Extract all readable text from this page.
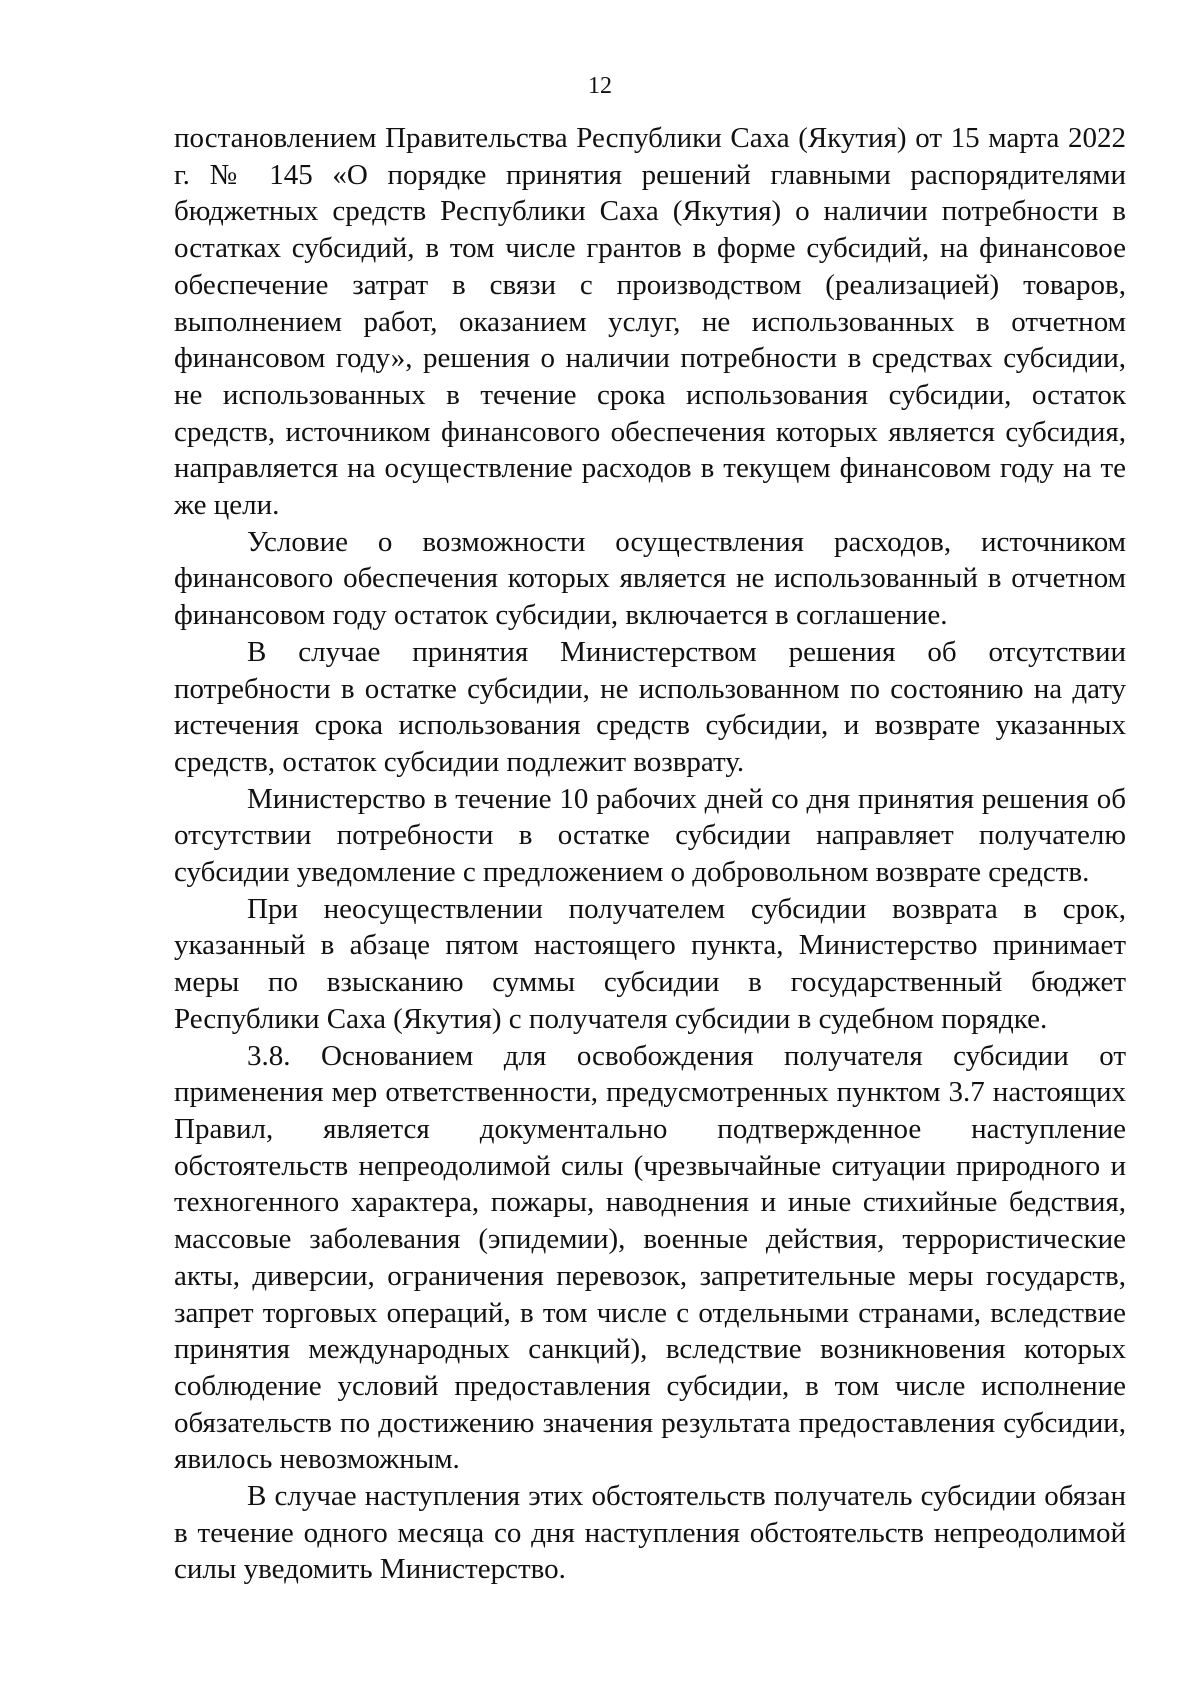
12

постановлением Правительства Республики Саха (Якутия) от 15 марта 2022 г. № 145 «О порядке принятия решений главными распорядителями бюджетных средств Республики Саха (Якутия) о наличии потребности в остатках субсидий, в том числе грантов в форме субсидий, на финансовое обеспечение затрат в связи с производством (реализацией) товаров, выполнением работ, оказанием услуг, не использованных в отчетном финансовом году», решения о наличии потребности в средствах субсидии, не использованных в течение срока использования субсидии, остаток средств, источником финансового обеспечения которых является субсидия, направляется на осуществление расходов в текущем финансовом году на те же цели.

Условие о возможности осуществления расходов, источником финансового обеспечения которых является не использованный в отчетном финансовом году остаток субсидии, включается в соглашение.

В случае принятия Министерством решения об отсутствии потребности в остатке субсидии, не использованном по состоянию на дату истечения срока использования средств субсидии, и возврате указанных средств, остаток субсидии подлежит возврату.

Министерство в течение 10 рабочих дней со дня принятия решения об отсутствии потребности в остатке субсидии направляет получателю субсидии уведомление с предложением о добровольном возврате средств.

При неосуществлении получателем субсидии возврата в срок, указанный в абзаце пятом настоящего пункта, Министерство принимает меры по взысканию суммы субсидии в государственный бюджет Республики Саха (Якутия) с получателя субсидии в судебном порядке.

3.8. Основанием для освобождения получателя субсидии от применения мер ответственности, предусмотренных пунктом 3.7 настоящих Правил, является документально подтвержденное наступление обстоятельств непреодолимой силы (чрезвычайные ситуации природного и техногенного характера, пожары, наводнения и иные стихийные бедствия, массовые заболевания (эпидемии), военные действия, террористические акты, диверсии, ограничения перевозок, запретительные меры государств, запрет торговых операций, в том числе с отдельными странами, вследствие принятия международных санкций), вследствие возникновения которых соблюдение условий предоставления субсидии, в том числе исполнение обязательств по достижению значения результата предоставления субсидии, явилось невозможным.

В случае наступления этих обстоятельств получатель субсидии обязан в течение одного месяца со дня наступления обстоятельств непреодолимой силы уведомить Министерство.
